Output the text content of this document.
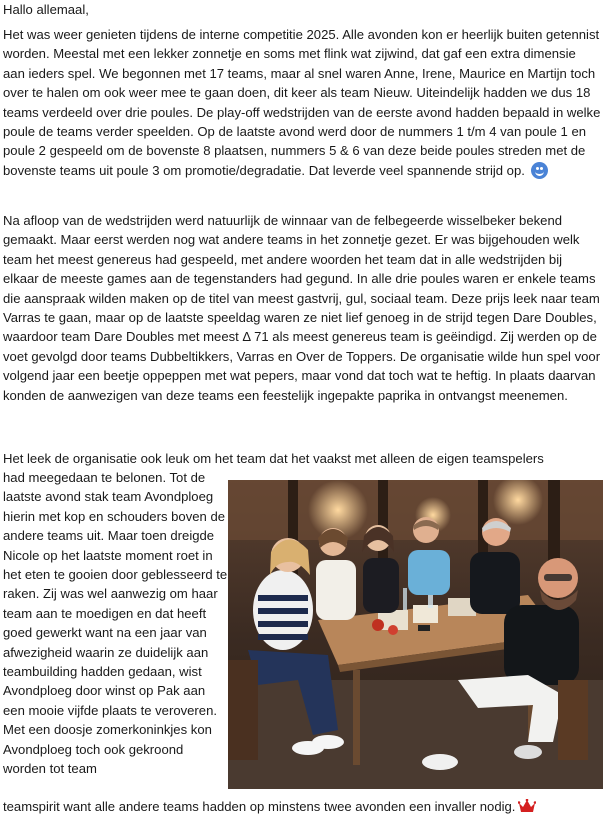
Hallo allemaal,

Het was weer genieten tijdens de interne competitie 2025. Alle avonden kon er heerlijk buiten getennist worden. Meestal met een lekker zonnetje en soms met flink wat zijwind, dat gaf een extra dimensie aan ieders spel. We begonnen met 17 teams, maar al snel waren Anne, Irene, Maurice en Martijn toch over te halen om ook weer mee te gaan doen, dit keer als team Nieuw. Uiteindelijk hadden we dus 18 teams verdeeld over drie poules. De play-off wedstrijden van de eerste avond hadden bepaald in welke poule de teams verder speelden. Op de laatste avond werd door de nummers 1 t/m 4 van poule 1 en poule 2 gespeeld om de bovenste 8 plaatsen, nummers 5 & 6 van deze beide poules streden met de bovenste teams uit poule 3 om promotie/degradatie. Dat leverde veel spannende strijd op.

Na afloop van de wedstrijden werd natuurlijk de winnaar van de felbegeerde wisselbeker bekend gemaakt. Maar eerst werden nog wat andere teams in het zonnetje gezet. Er was bijgehouden welk team het meest genereus had gespeeld, met andere woorden het team dat in alle wedstrijden bij elkaar de meeste games aan de tegenstanders had gegund. In alle drie poules waren er enkele teams die aanspraak wilden maken op de titel van meest gastvrij, gul, sociaal team. Deze prijs leek naar team Varras te gaan, maar op de laatste speeldag waren ze niet lief genoeg in de strijd tegen Dare Doubles, waardoor team Dare Doubles met meest Δ 71 als meest genereus team is geëindigd. Zij werden op de voet gevolgd door teams Dubbeltikkers, Varras en Over de Toppers. De organisatie wilde hun spel voor volgend jaar een beetje oppeppen met wat pepers, maar vond dat toch wat te heftig. In plaats daarvan konden de aanwezigen van deze teams een feestelijk ingepakte paprika in ontvangst meenemen.

Het leek de organisatie ook leuk om het team dat het vaakst met alleen de eigen teamspelers

had meegedaan te belonen. Tot de laatste avond stak team Avondploeg hierin met kop en schouders boven de andere teams uit. Maar toen dreigde Nicole op het laatste moment roet in het eten te gooien door geblesseerd te raken. Zij was wel aanwezig om haar team aan te moedigen en dat heeft goed gewerkt want na een jaar van afwezigheid waarin ze duidelijk aan teambuilding hadden gedaan, wist Avondploeg door winst op Pak aan een mooie vijfde plaats te veroveren. Met een doosje zomerkoninkjes kon Avondploeg toch ook gekroond worden tot team

teamspirit want alle andere teams hadden op minstens twee avonden een invaller nodig.
